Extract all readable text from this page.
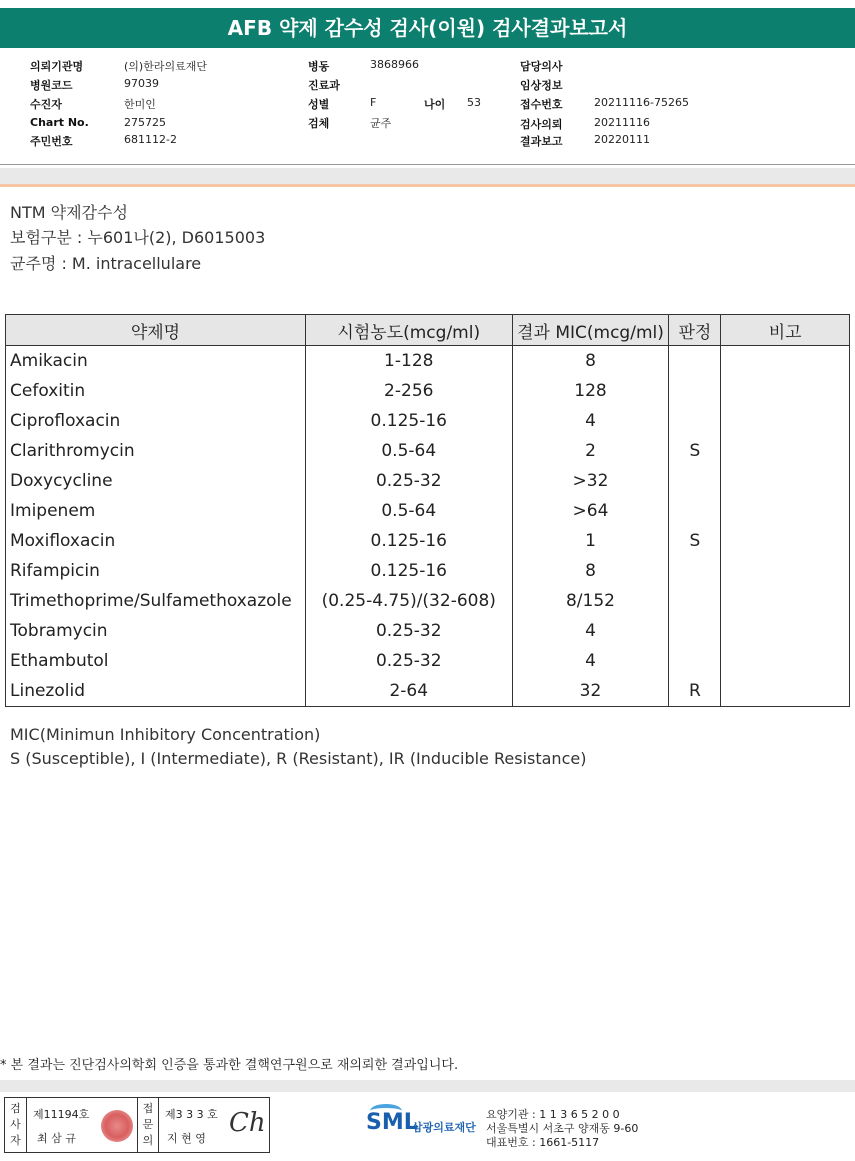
AFB 약제 감수성 검사(이원) 검사결과보고서
의뢰기관명	(의)한라의료재단
병원코드	97039
수진자	한미인
Chart No.	275725
주민번호	681112-2
병동	3868966
진료과
성별	F	나이 53
검체	균주
담당의사
임상정보
접수번호	20211116-75265
검사의뢰	20211116
결과보고	20220111
NTM 약제감수성
보험구분 : 누601나(2), D6015003
균주명 : M. intracellulare
약제명	시험농도(mcg/ml)	결과 MIC(mcg/ml)	판정	비고
Amikacin	1-128	8		
Cefoxitin	2-256	128		
Ciprofloxacin	0.125-16	4		
Clarithromycin	0.5-64	2	S	
Doxycycline	0.25-32	>32		
Imipenem	0.5-64	>64		
Moxifloxacin	0.125-16	1	S	
Rifampicin	0.125-16	8		
Trimethoprime/Sulfamethoxazole	(0.25-4.75)/(32-608)	8/152		
Tobramycin	0.25-32	4		
Ethambutol	0.25-32	4		
Linezolid	2-64	32	R	
MIC(Minimun Inhibitory Concentration)
S (Susceptible), I (Intermediate), R (Resistant), IR (Inducible Resistance)
* 본 결과는 진단검사의학회 인증을 통과한 결핵연구원으로 재의뢰한 결과입니다.
검
사
자
제11194호
최 삼 규
접
문
의
제3 3 3 호
지 현 영
Ch	SML
삼광의료재단
요양기관 : 1 1 3 6 5 2 0 0
서울특별시 서초구 양재동 9-60
대표번호 : 1661-5117
